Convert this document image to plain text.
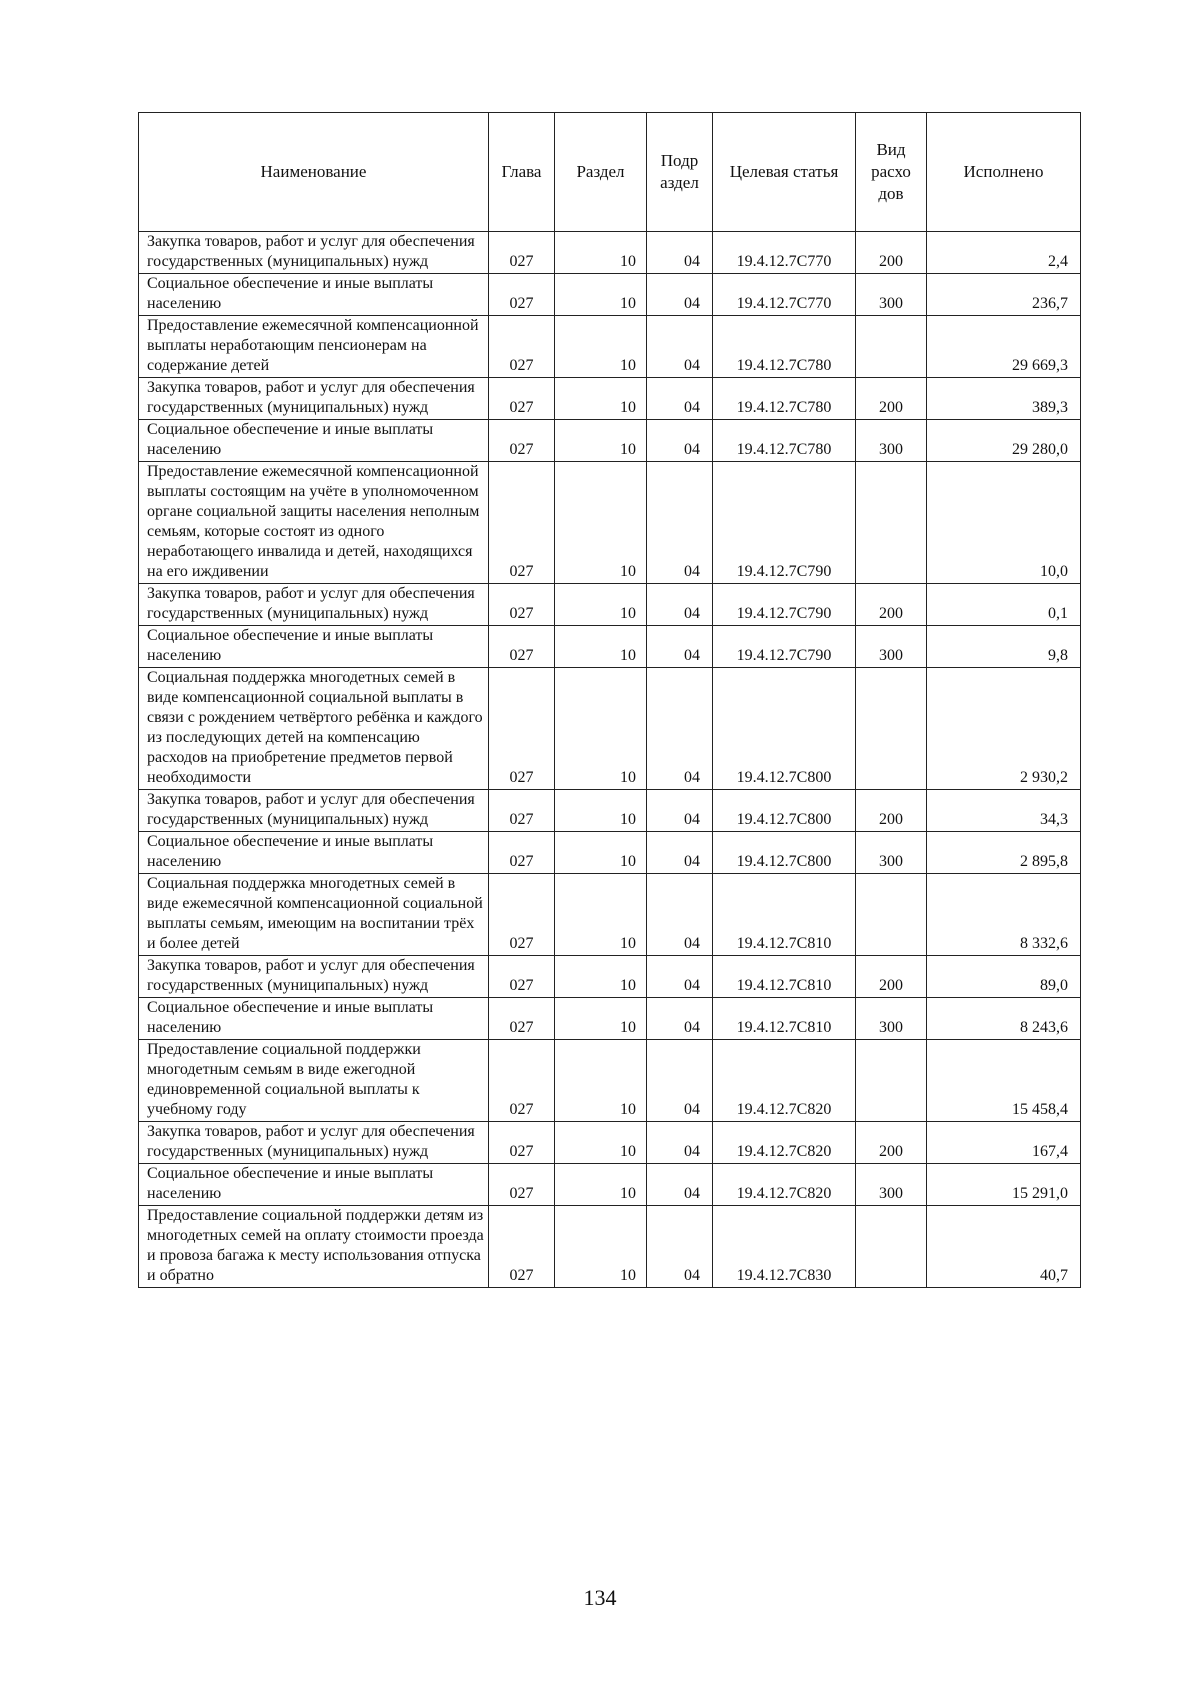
Наименование	Глава	Раздел	Подр аздел	Целевая статья	Вид расхо дов	Исполнено
Закупка товаров, работ и услуг для обеспечения государственных (муниципальных) нужд	027	10	04	19.4.12.7С770	200	2,4
Социальное обеспечение и иные выплаты населению	027	10	04	19.4.12.7С770	300	236,7
Предоставление ежемесячной компенсационной выплаты неработающим пенсионерам на содержание детей	027	10	04	19.4.12.7С780		29 669,3
Закупка товаров, работ и услуг для обеспечения государственных (муниципальных) нужд	027	10	04	19.4.12.7С780	200	389,3
Социальное обеспечение и иные выплаты населению	027	10	04	19.4.12.7С780	300	29 280,0
Предоставление ежемесячной компенсационной выплаты состоящим на учёте в уполномоченном органе социальной защиты населения неполным семьям, которые состоят из одного неработающего инвалида и детей, находящихся на его иждивении	027	10	04	19.4.12.7С790		10,0
Закупка товаров, работ и услуг для обеспечения государственных (муниципальных) нужд	027	10	04	19.4.12.7С790	200	0,1
Социальное обеспечение и иные выплаты населению	027	10	04	19.4.12.7С790	300	9,8
Социальная поддержка многодетных семей в виде компенсационной социальной выплаты в связи с рождением четвёртого ребёнка и каждого из последующих детей на компенсацию расходов на приобретение предметов первой необходимости	027	10	04	19.4.12.7С800		2 930,2
Закупка товаров, работ и услуг для обеспечения государственных (муниципальных) нужд	027	10	04	19.4.12.7С800	200	34,3
Социальное обеспечение и иные выплаты населению	027	10	04	19.4.12.7С800	300	2 895,8
Социальная поддержка многодетных семей в виде ежемесячной компенсационной социальной выплаты семьям, имеющим на воспитании трёх и более детей	027	10	04	19.4.12.7С810		8 332,6
Закупка товаров, работ и услуг для обеспечения государственных (муниципальных) нужд	027	10	04	19.4.12.7С810	200	89,0
Социальное обеспечение и иные выплаты населению	027	10	04	19.4.12.7С810	300	8 243,6
Предоставление социальной поддержки многодетным семьям в виде ежегодной единовременной социальной выплаты к учебному году	027	10	04	19.4.12.7С820		15 458,4
Закупка товаров, работ и услуг для обеспечения государственных (муниципальных) нужд	027	10	04	19.4.12.7С820	200	167,4
Социальное обеспечение и иные выплаты населению	027	10	04	19.4.12.7С820	300	15 291,0
Предоставление социальной поддержки детям из многодетных семей на оплату стоимости проезда и провоза багажа к месту использования отпуска и обратно	027	10	04	19.4.12.7С830		40,7
134
